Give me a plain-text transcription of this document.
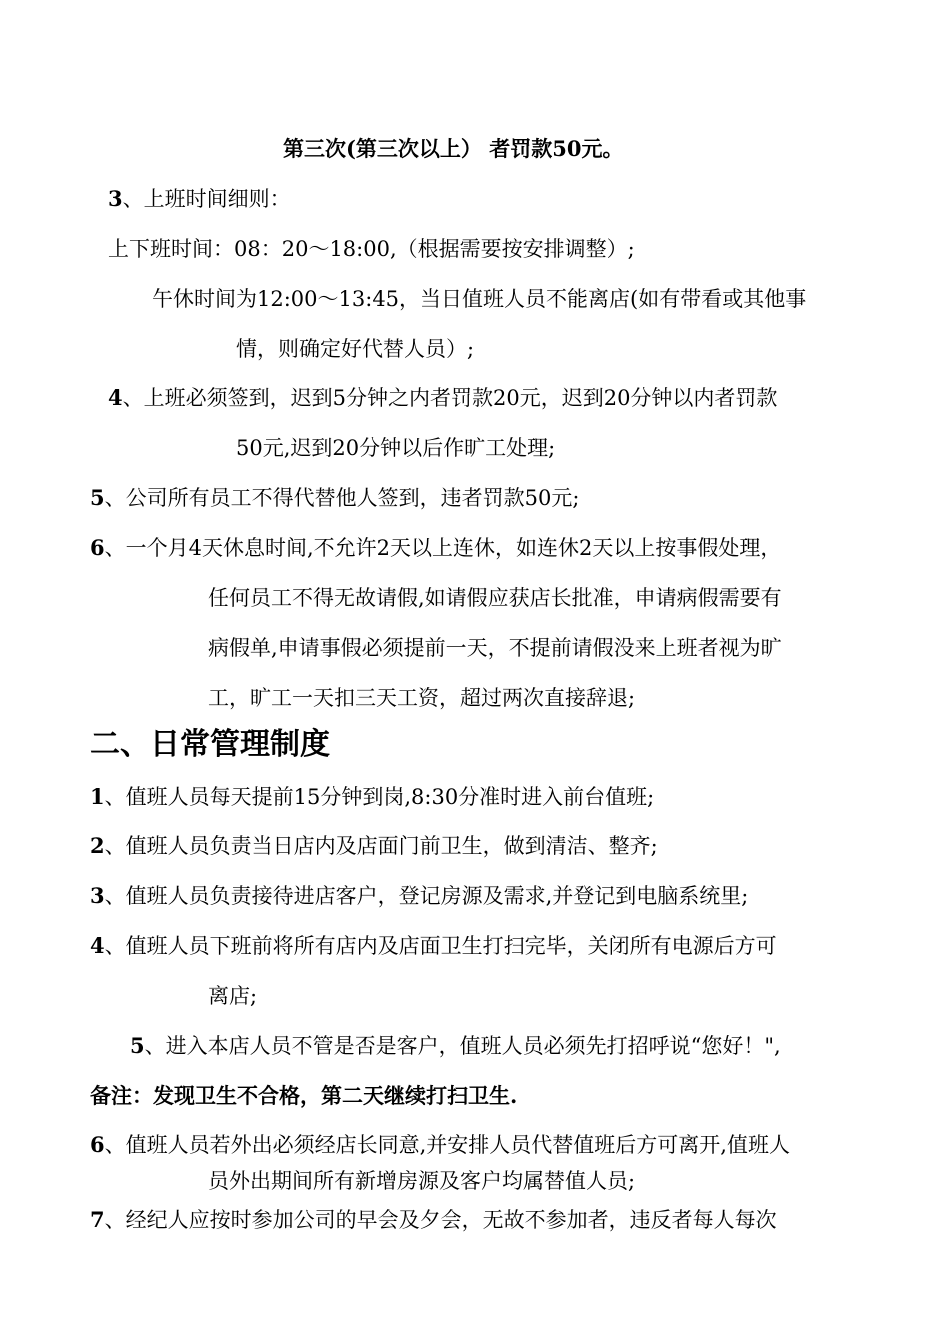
第三次(第三次以上） 者罚款50元。
3、上班时间细则：
上下班时间：08：20～18:00,（根据需要按安排调整）;
午休时间为12:00～13:45，当日值班人员不能离店(如有带看或其他事
情，则确定好代替人员）;
4、上班必须签到，迟到5分钟之内者罚款20元，迟到20分钟以内者罚款
50元,迟到20分钟以后作旷工处理;
5、公司所有员工不得代替他人签到，违者罚款50元;
6、一个月4天休息时间,不允许2天以上连休，如连休2天以上按事假处理，
任何员工不得无故请假,如请假应获店长批准，申请病假需要有
病假单,申请事假必须提前一天，不提前请假没来上班者视为旷
工，旷工一天扣三天工资，超过两次直接辞退;
二、日常管理制度
1、值班人员每天提前15分钟到岗,8:30分准时进入前台值班;
2、值班人员负责当日店内及店面门前卫生，做到清洁、整齐;
3、值班人员负责接待进店客户，登记房源及需求,并登记到电脑系统里;
4、值班人员下班前将所有店内及店面卫生打扫完毕，关闭所有电源后方可
离店;
5、进入本店人员不管是否是客户，值班人员必须先打招呼说“您好！",
备注：发现卫生不合格，第二天继续打扫卫生.
6、值班人员若外出必须经店长同意,并安排人员代替值班后方可离开,值班人
员外出期间所有新增房源及客户均属替值人员;
7、经纪人应按时参加公司的早会及夕会，无故不参加者，违反者每人每次
